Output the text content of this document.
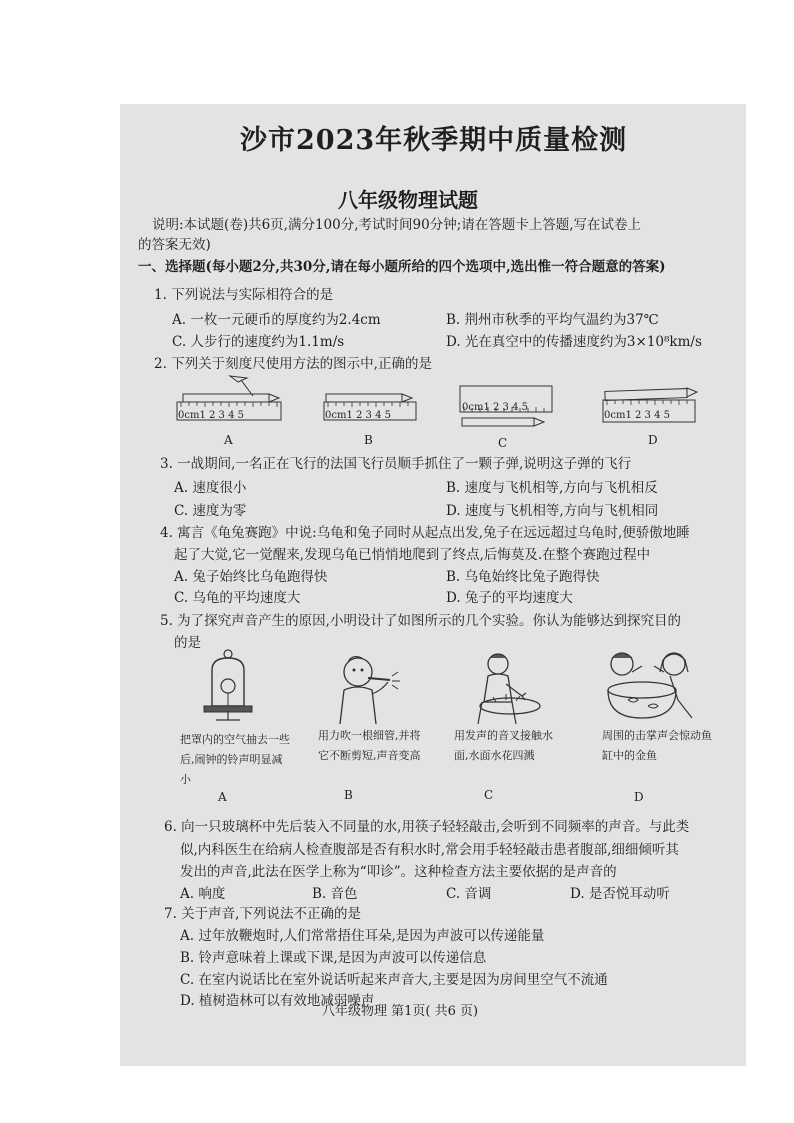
沙市2023年秋季期中质量检测
八年级物理试题
说明:本试题(卷)共6页,满分100分,考试时间90分钟;请在答题卡上答题,写在试卷上
的答案无效)
一、选择题(每小题2分,共30分,请在每小题所给的四个选项中,选出惟一符合题意的答案)
1. 下列说法与实际相符合的是
A. 一枚一元硬币的厚度约为2.4cm	B. 荆州市秋季的平均气温约为37℃
C. 人步行的速度约为1.1m/s	D. 光在真空中的传播速度约为3×10⁸km/s
2. 下列关于刻度尺使用方法的图示中,正确的是
0cm1 2 3 4 5
A
0cm1 2 3 4 5
B
0cm1 2 3 4 5
C
0cm1 2 3 4 5
D
3. 一战期间,一名正在飞行的法国飞行员顺手抓住了一颗子弹,说明这子弹的飞行
A. 速度很小	B. 速度与飞机相等,方向与飞机相反
C. 速度为零	D. 速度与飞机相等,方向与飞机相同
4. 寓言《龟兔赛跑》中说:乌龟和兔子同时从起点出发,兔子在远远超过乌龟时,便骄傲地睡
起了大觉,它一觉醒来,发现乌龟已悄悄地爬到了终点,后悔莫及.在整个赛跑过程中
A. 兔子始终比乌龟跑得快	B. 乌龟始终比兔子跑得快
C. 乌龟的平均速度大	D. 兔子的平均速度大
5. 为了探究声音产生的原因,小明设计了如图所示的几个实验。你认为能够达到探究目的
的是
把罩内的空气抽去一些后,闹钟的铃声明显减小
A
用力吹一根细管,并将它不断剪短,声音变高
B
用发声的音叉接触水面,水面水花四溅
C
周围的击掌声会惊动鱼缸中的金鱼
D
6. 向一只玻璃杯中先后装入不同量的水,用筷子轻轻敲击,会听到不同频率的声音。与此类
似,内科医生在给病人检查腹部是否有积水时,常会用手轻轻敲击患者腹部,细细倾听其
发出的声音,此法在医学上称为“叩诊”。这种检查方法主要依据的是声音的
A. 响度	B. 音色	C. 音调	D. 是否悦耳动听
7. 关于声音,下列说法不正确的是
A. 过年放鞭炮时,人们常常捂住耳朵,是因为声波可以传递能量
B. 铃声意味着上课或下课,是因为声波可以传递信息
C. 在室内说话比在室外说话听起来声音大,主要是因为房间里空气不流通
D. 植树造林可以有效地减弱噪声
八年级物理 第1页( 共6 页)
